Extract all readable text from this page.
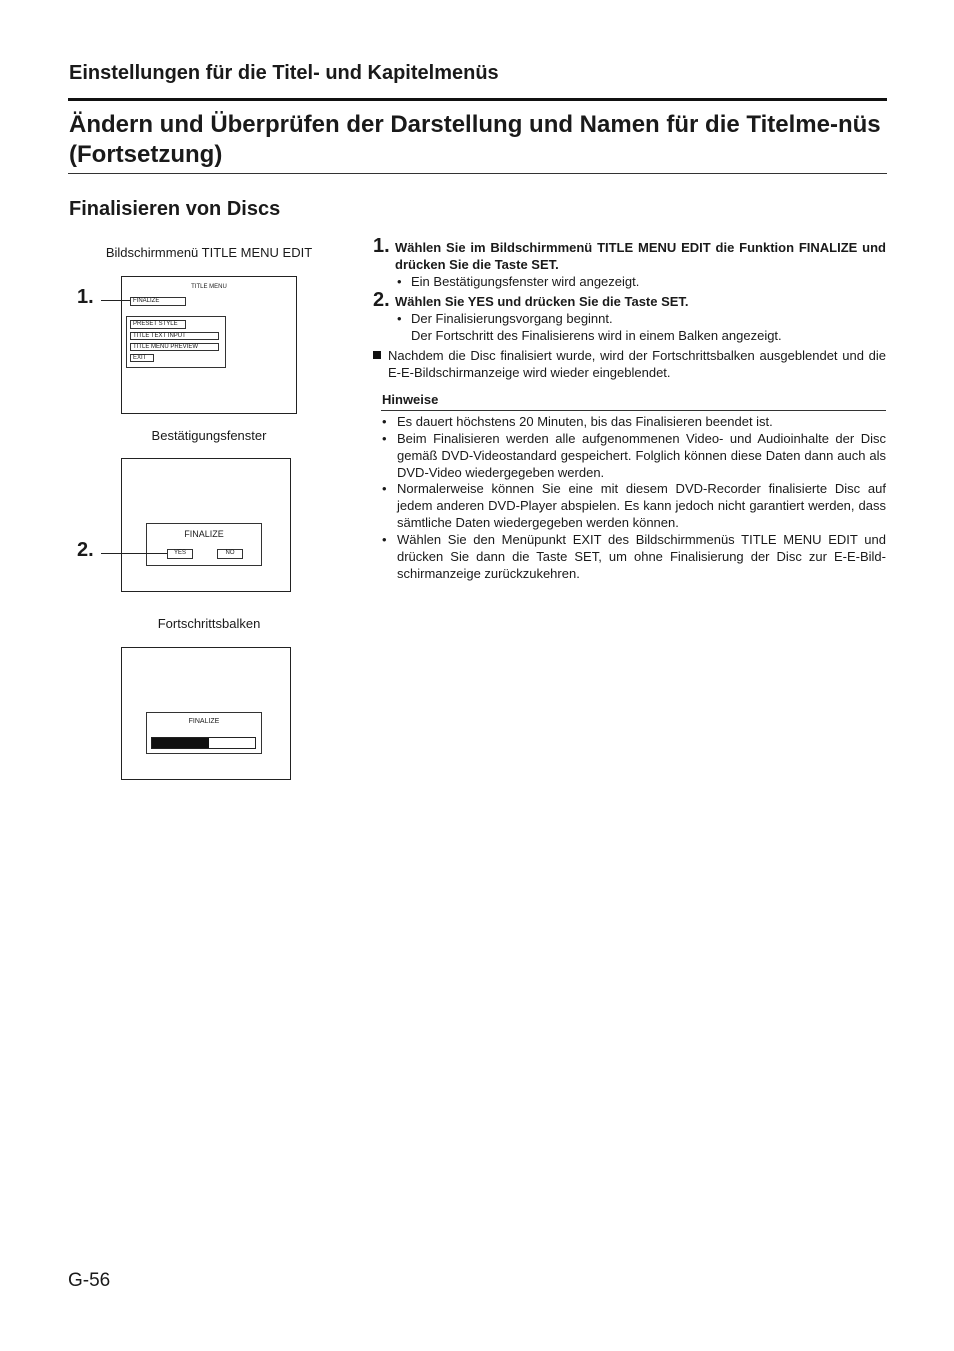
Einstellungen für die Titel- und Kapitelmenüs
Ändern und Überprüfen der Darstellung und Namen für die Titelme-nüs (Fortsetzung)
Finalisieren von Discs
Bildschirmmenü TITLE MENU EDIT
TITLE MENU
FINALIZE
PRESET STYLE
TITLE TEXT INPUT
TITLE MENU PREVIEW
EXIT
1.
Bestätigungsfenster
FINALIZE
YES	NO
2.
Fortschrittsbalken
FINALIZE
1. Wählen Sie im Bildschirmmenü TITLE MENU EDIT die Funktion FINALIZE und drücken Sie die Taste SET.
• Ein Bestätigungsfenster wird angezeigt.
2. Wählen Sie YES und drücken Sie die Taste SET.
• Der Finalisierungsvorgang beginnt.
Der Fortschritt des Finalisierens wird in einem Balken angezeigt.
Nachdem die Disc finalisiert wurde, wird der Fortschrittsbalken ausgeblendet und die E-E-Bildschirmanzeige wird wieder eingeblendet.
Hinweise
• Es dauert höchstens 20 Minuten, bis das Finalisieren beendet ist.
• Beim Finalisieren werden alle aufgenommenen Video- und Audioinhalte der Disc gemäß DVD-Videostandard gespeichert. Folglich können diese Daten dann auch als DVD-Video wiedergegeben werden.
• Normalerweise können Sie eine mit diesem DVD-Recorder finalisierte Disc auf jedem anderen DVD-Player abspielen. Es kann jedoch nicht garantiert werden, dass sämtliche Daten wiedergegeben werden können.
• Wählen Sie den Menüpunkt EXIT des Bildschirmmenüs TITLE MENU EDIT und drücken Sie dann die Taste SET, um ohne Finalisierung der Disc zur E-E-Bild-schirmanzeige zurückzukehren.
G-56
